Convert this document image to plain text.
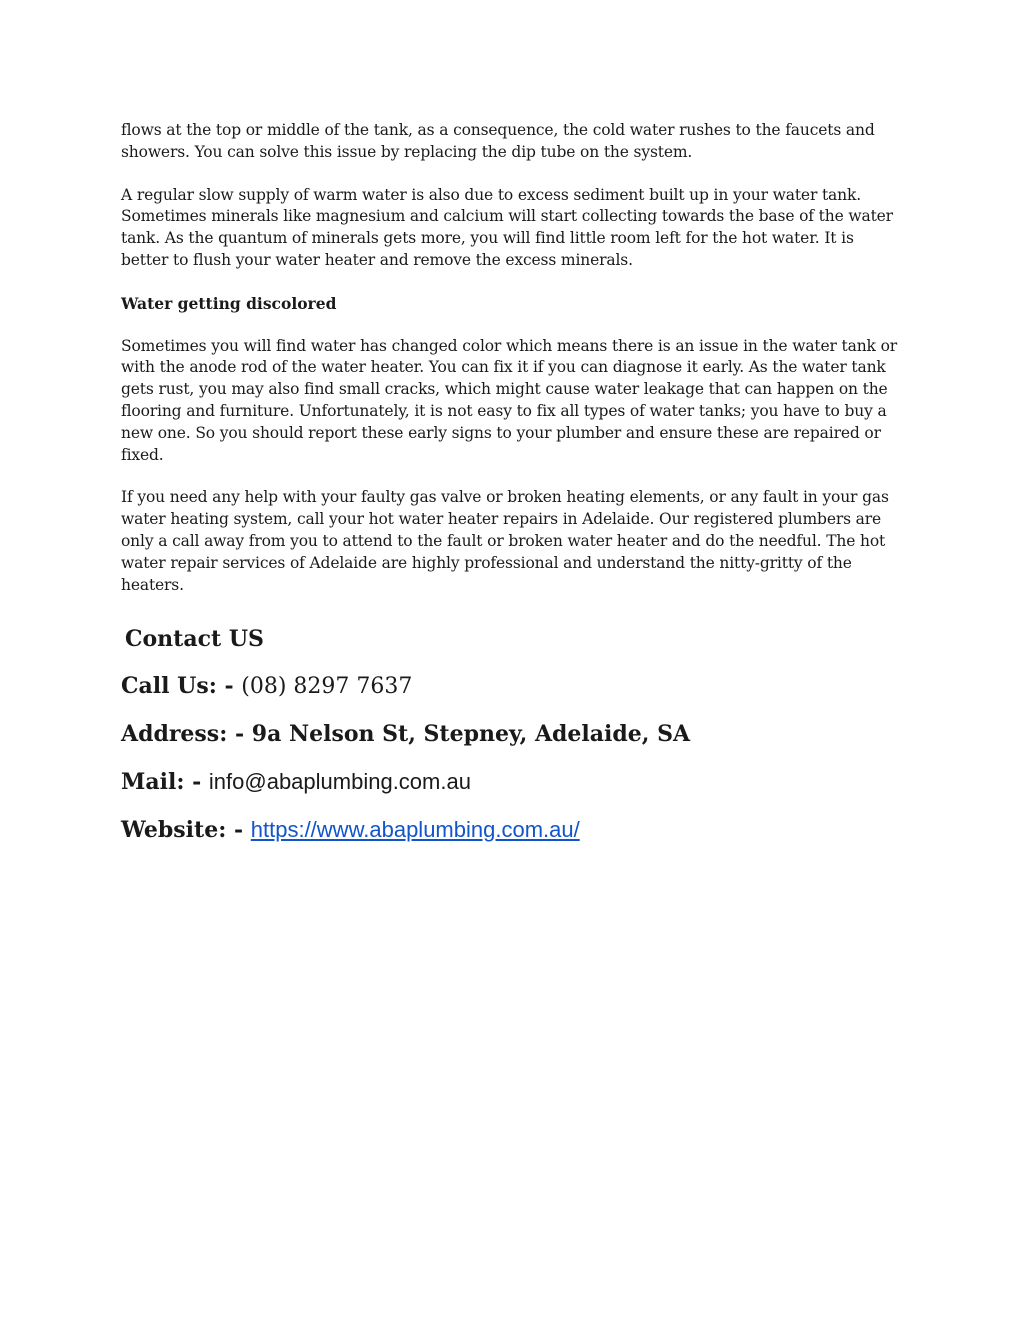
flows at the top or middle of the tank, as a consequence, the cold water rushes to the faucets and
showers. You can solve this issue by replacing the dip tube on the system.

A regular slow supply of warm water is also due to excess sediment built up in your water tank.
Sometimes minerals like magnesium and calcium will start collecting towards the base of the water
tank. As the quantum of minerals gets more, you will find little room left for the hot water. It is
better to flush your water heater and remove the excess minerals.

Water getting discolored

Sometimes you will find water has changed color which means there is an issue in the water tank or
with the anode rod of the water heater. You can fix it if you can diagnose it early. As the water tank
gets rust, you may also find small cracks, which might cause water leakage that can happen on the
flooring and furniture. Unfortunately, it is not easy to fix all types of water tanks; you have to buy a
new one. So you should report these early signs to your plumber and ensure these are repaired or
fixed.

If you need any help with your faulty gas valve or broken heating elements, or any fault in your gas
water heating system, call your hot water heater repairs in Adelaide. Our registered plumbers are
only a call away from you to attend to the fault or broken water heater and do the needful. The hot
water repair services of Adelaide are highly professional and understand the nitty-gritty of the
heaters.

Contact US
Call Us: - (08) 8297 7637
Address: - 9a Nelson St, Stepney, Adelaide, SA
Mail: - info@abaplumbing.com.au
Website: - https://www.abaplumbing.com.au/
